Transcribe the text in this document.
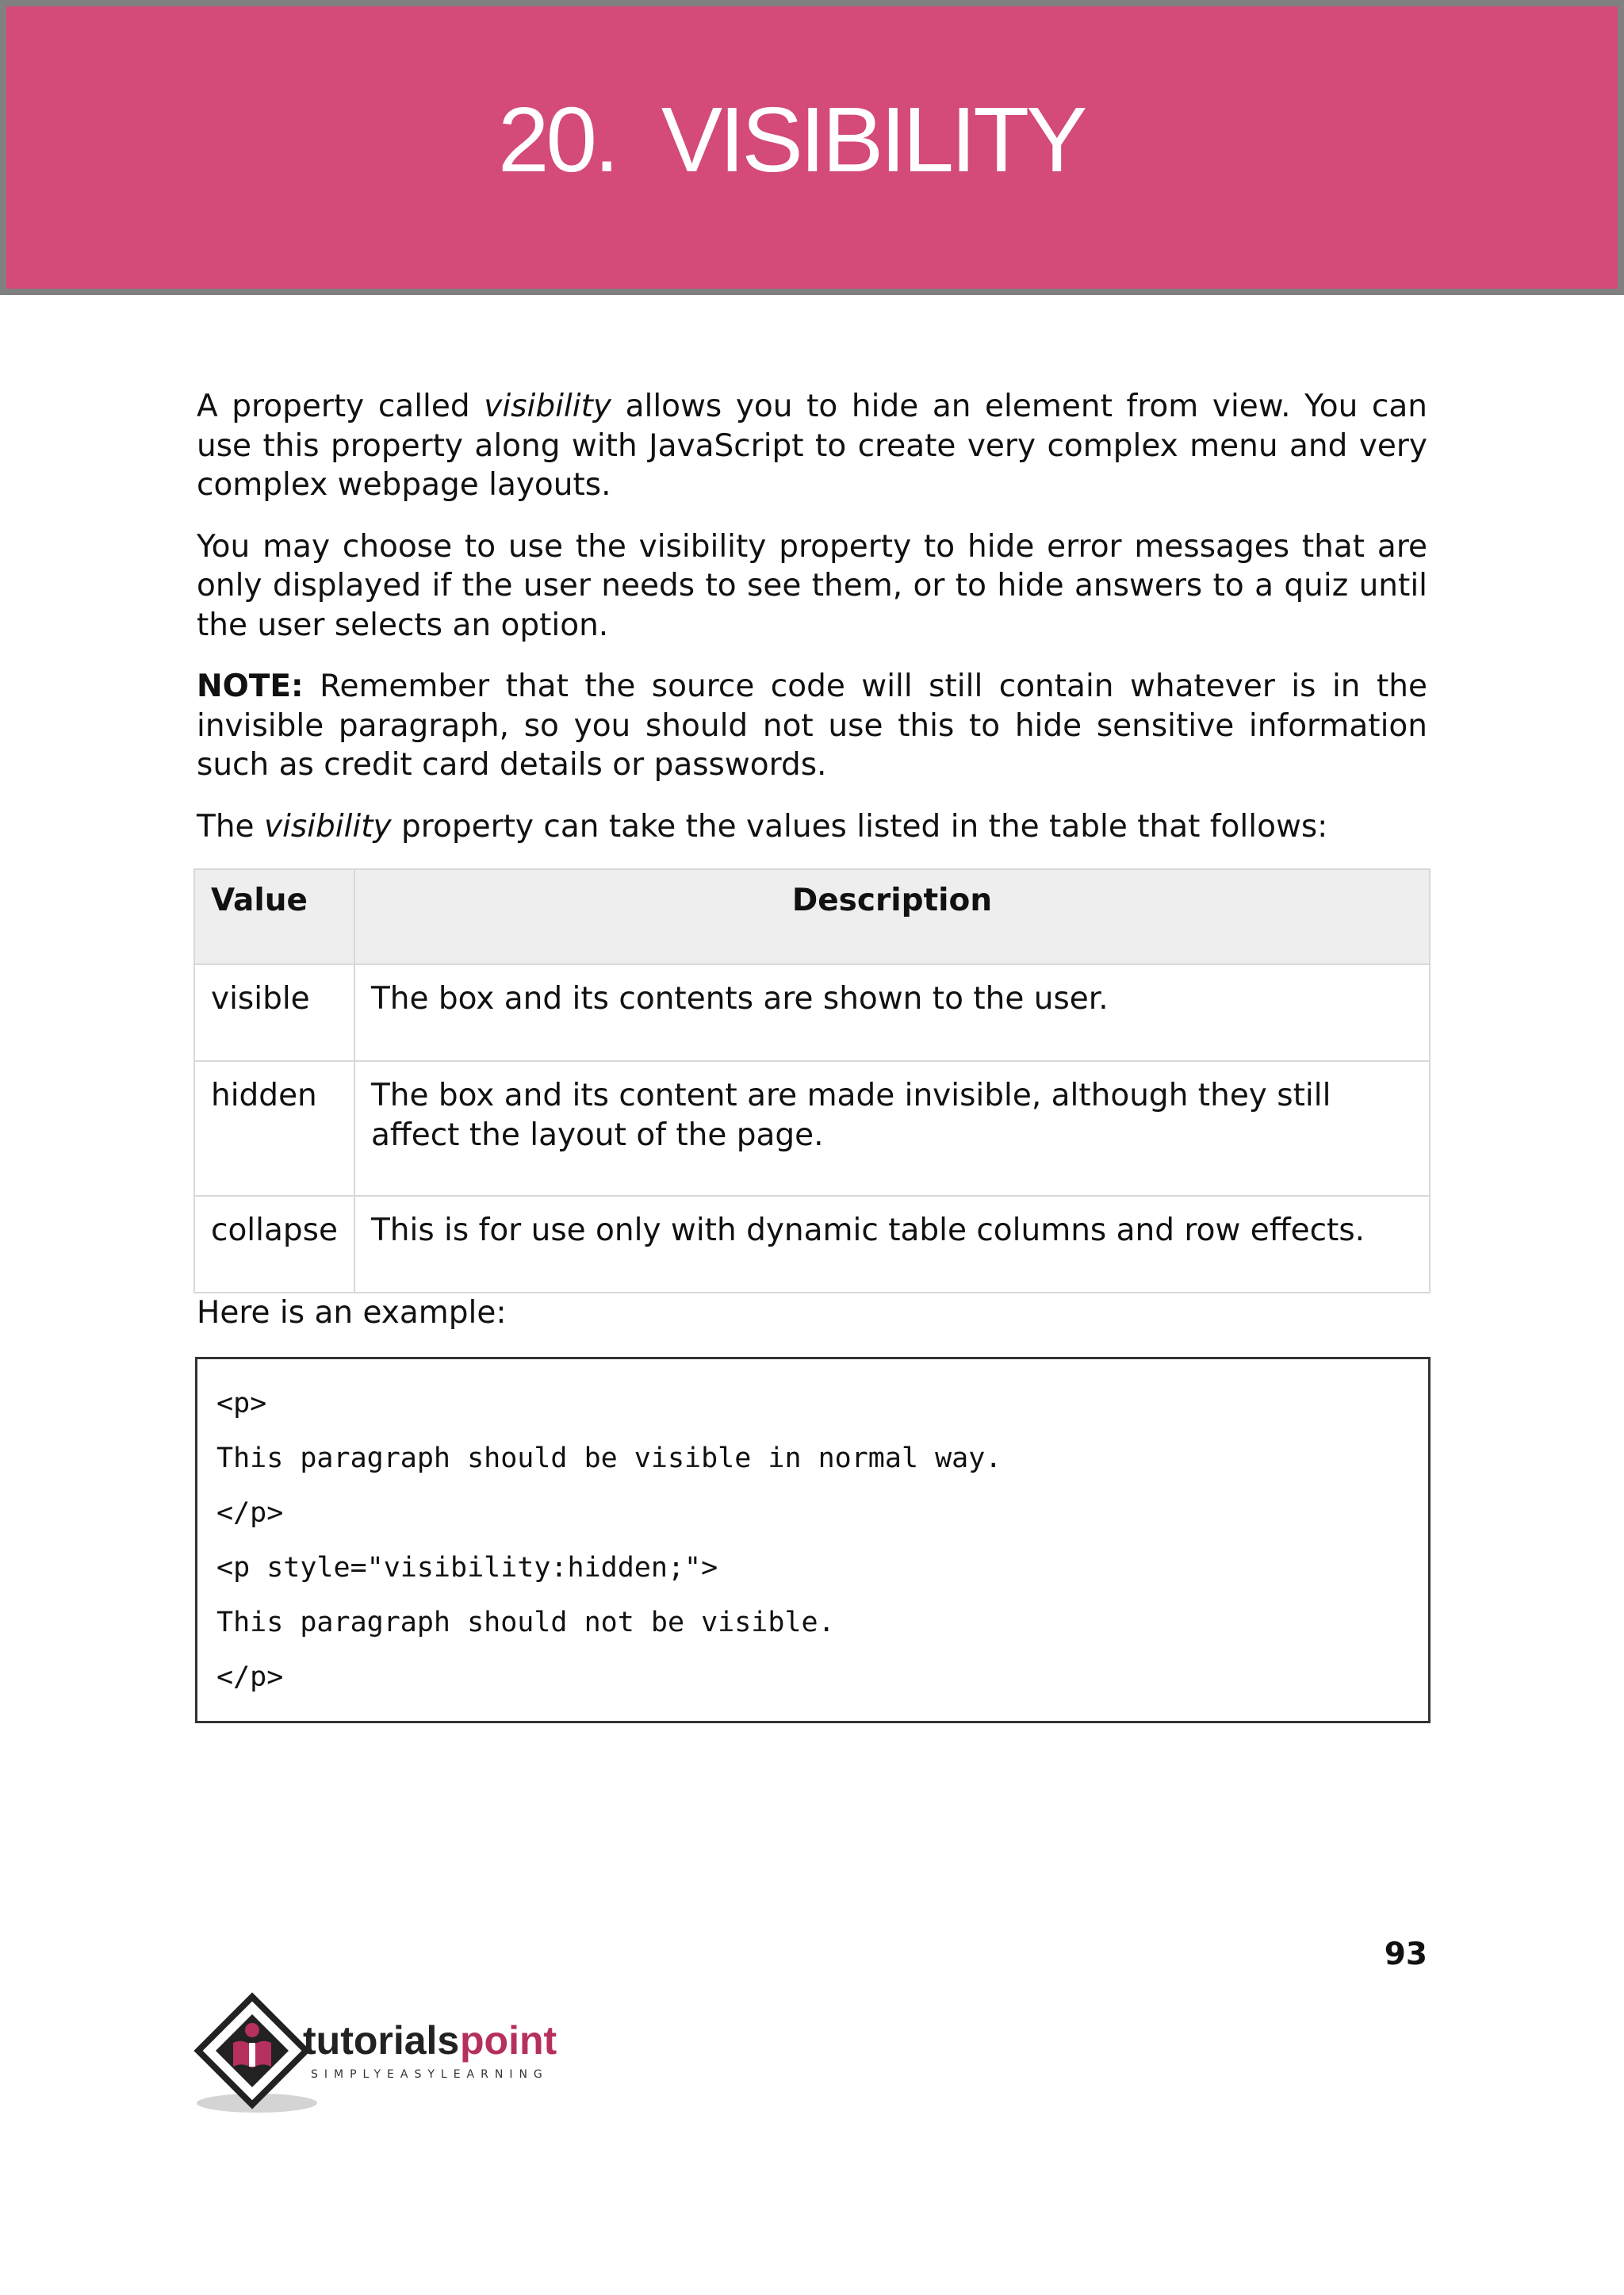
20.  VISIBILITY

A property called visibility allows you to hide an element from view. You can use this property along with JavaScript to create very complex menu and very complex webpage layouts.

You may choose to use the visibility property to hide error messages that are only displayed if the user needs to see them, or to hide answers to a quiz until the user selects an option.

NOTE: Remember that the source code will still contain whatever is in the invisible paragraph, so you should not use this to hide sensitive information such as credit card details or passwords.

The visibility property can take the values listed in the table that follows:

Value	Description
visible	The box and its contents are shown to the user.
hidden	The box and its content are made invisible, although they still affect the layout of the page.
collapse	This is for use only with dynamic table columns and row effects.

Here is an example:

<p>
This paragraph should be visible in normal way.
</p>
<p style="visibility:hidden;">
This paragraph should not be visible.
</p>
93
tutorials point
SIMPLYEASYLEARNING
